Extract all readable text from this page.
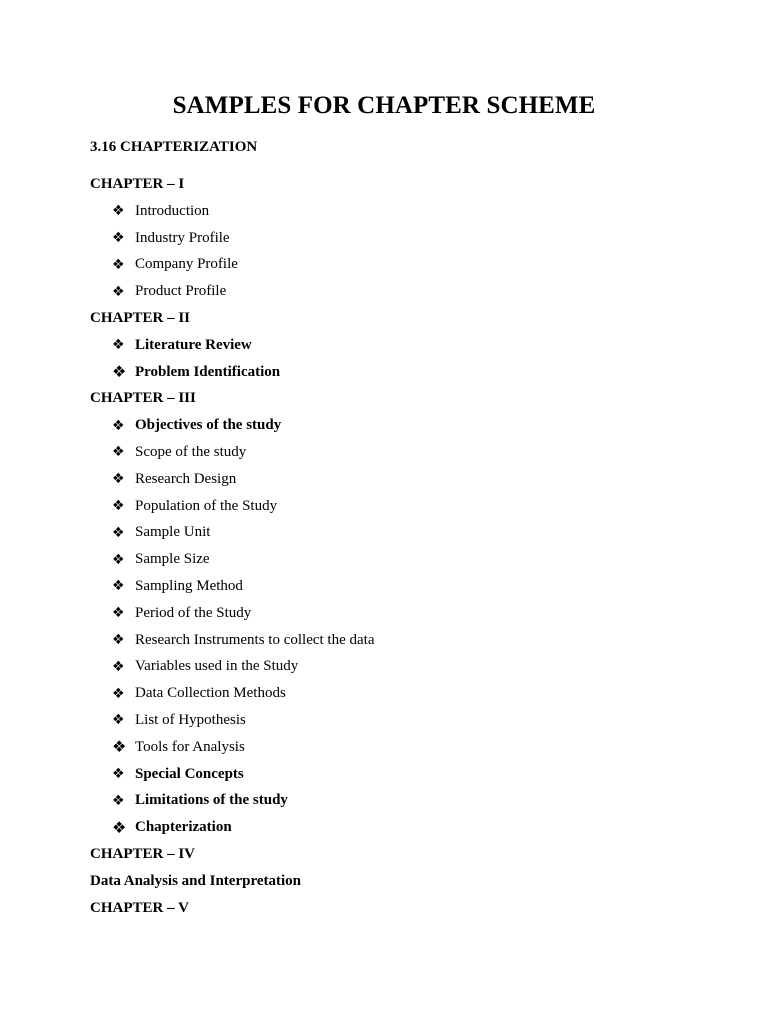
SAMPLES FOR CHAPTER SCHEME

3.16 CHAPTERIZATION

CHAPTER – I
❖ Introduction
❖ Industry Profile
❖ Company Profile
❖ Product Profile
CHAPTER – II
❖ Literature Review
❖ Problem Identification
CHAPTER – III
❖ Objectives of the study
❖ Scope of the study
❖ Research Design
❖ Population of the Study
❖ Sample Unit
❖ Sample Size
❖ Sampling Method
❖ Period of the Study
❖ Research Instruments to collect the data
❖ Variables used in the Study
❖ Data Collection Methods
❖ List of Hypothesis
❖ Tools for Analysis
❖ Special Concepts
❖ Limitations of the study
❖ Chapterization
CHAPTER – IV
Data Analysis and Interpretation
CHAPTER – V
